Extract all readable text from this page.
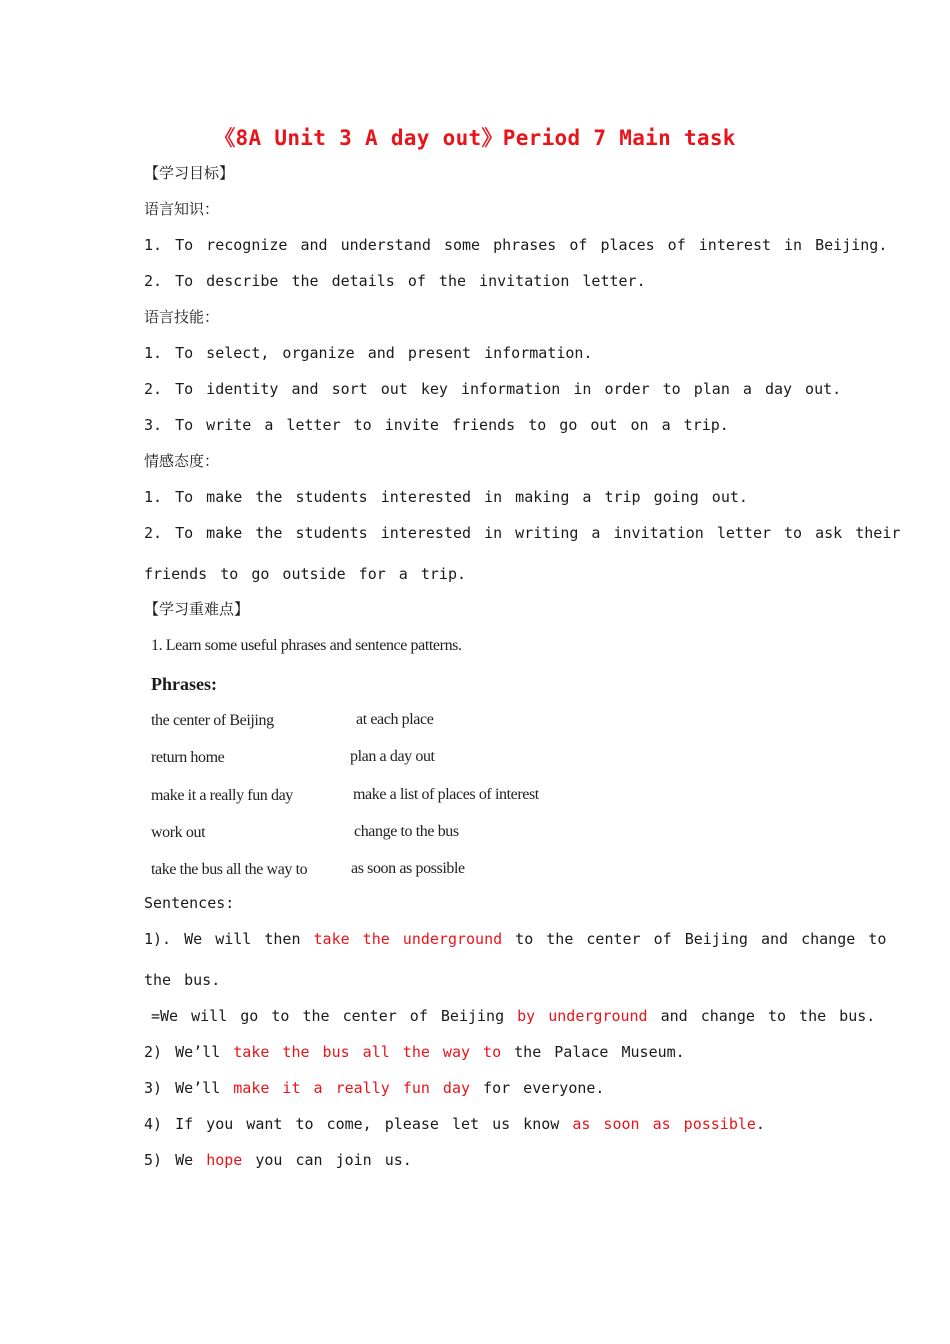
《8A Unit 3 A day out》Period 7 Main task
【学习目标】
语言知识：
1. To recognize and understand some phrases of places of interest in Beijing.
2. To describe the details of the invitation letter.
语言技能：
1. To select, organize and present information.
2. To identity and sort out key information in order to plan a day out.
3. To write a letter to invite friends to go out on a trip.
情感态度：
1. To make the students interested in making a trip going out.
2. To make the students interested in writing a invitation letter to ask their
friends to go outside for a trip.
【学习重难点】
1. Learn some useful phrases and sentence patterns.
Phrases:
the center of Beijing	at each place
return home	plan a day out
make it a really fun day	make a list of places of interest
work out	change to the bus
take the bus all the way to	as soon as possible
Sentences:
1). We will then take the underground to the center of Beijing and change to
the bus.
=We will go to the center of Beijing by underground and change to the bus.
2) We’ll take the bus all the way to the Palace Museum.
3) We’ll make it a really fun day for everyone.
4) If you want to come, please let us know as soon as possible.
5) We hope you can join us.
